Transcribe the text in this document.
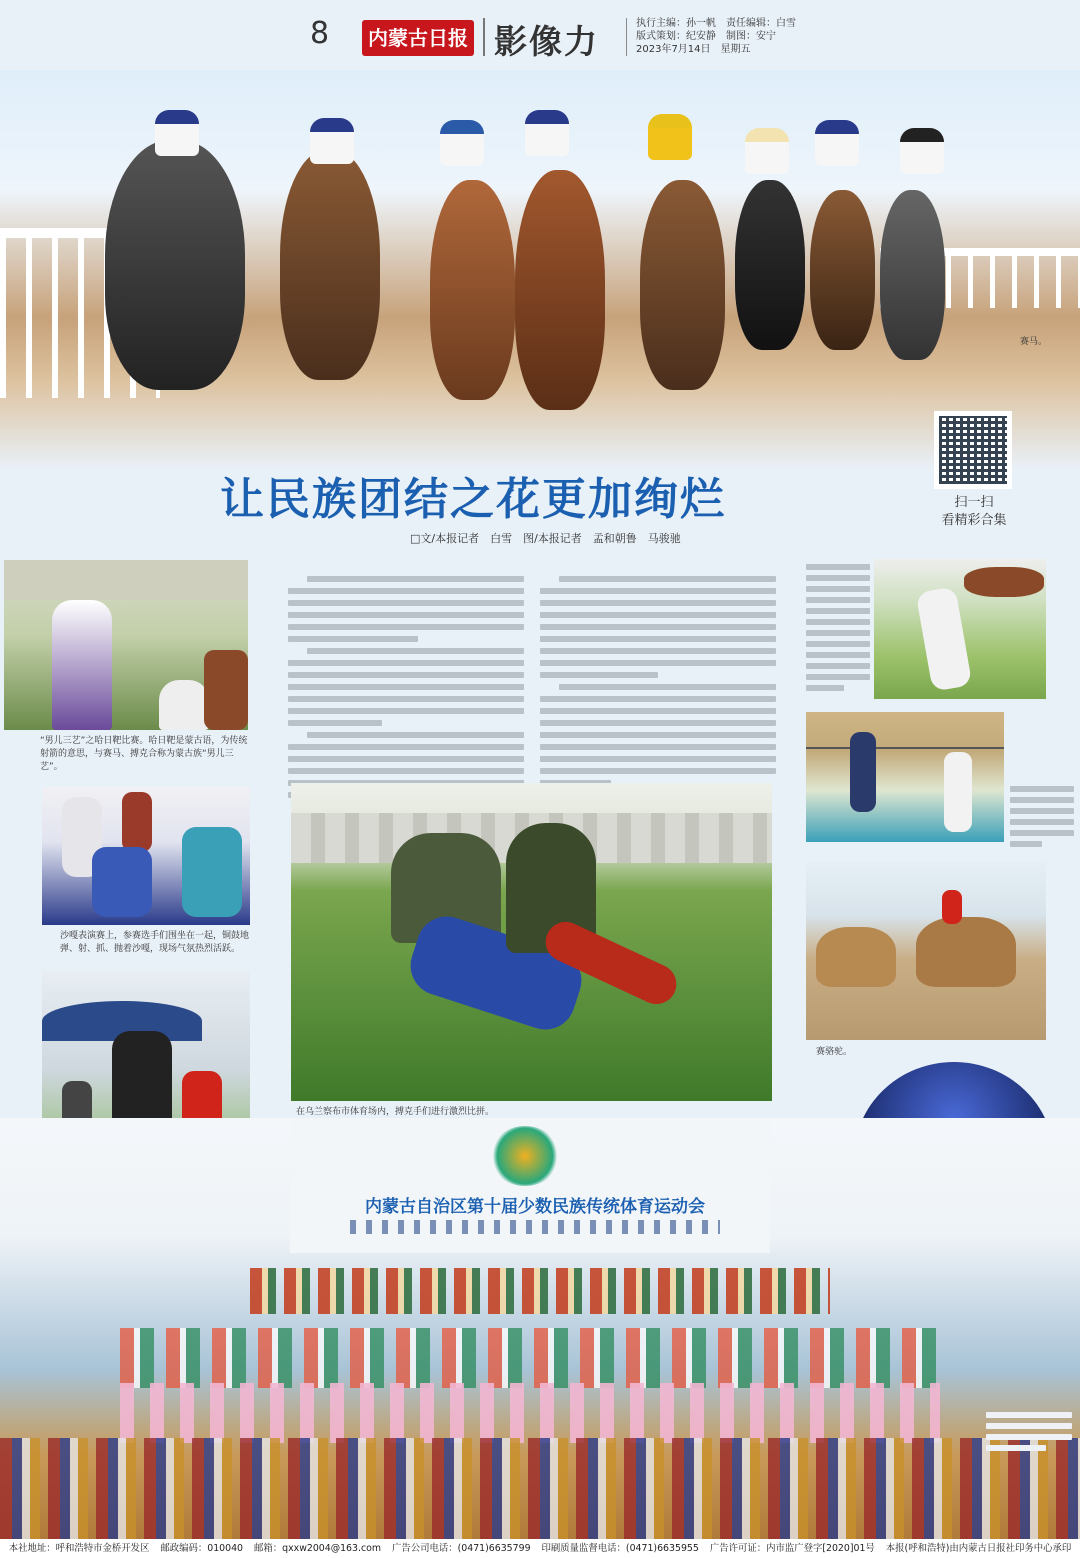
8	内蒙古日报 影像力	执行主编：孙一帆　责任编辑：白雪
版式策划：纪安静　制图：安宁
2023年7月14日　星期五
赛马。
扫一扫
看精彩合集
让民族团结之花更加绚烂
□文/本报记者　白雪　图/本报记者　孟和朝鲁　马骏驰
“男儿三艺”之哈日靶比赛。哈日靶是蒙古语，为传统射箭的意思，与赛马、搏克合称为蒙古族“男儿三艺”。
沙嘎表演赛上，参赛选手们围坐在一起，铜鼓地弹、射、抓、抛着沙嘎，现场气氛热烈活跃。
在乌兰察布市体育场内，搏克手们进行激烈比拼。
赛骆驼。
内蒙古自治区第十届少数民族传统体育运动会
本社地址：呼和浩特市金桥开发区 邮政编码：010040 邮箱：qxxw2004@163.com 广告公司电话：(0471)6635799 印刷质量监督电话：(0471)6635955 广告许可证：内市监广登字[2020]01号 本报(呼和浩特)由内蒙古日报社印务中心承印
